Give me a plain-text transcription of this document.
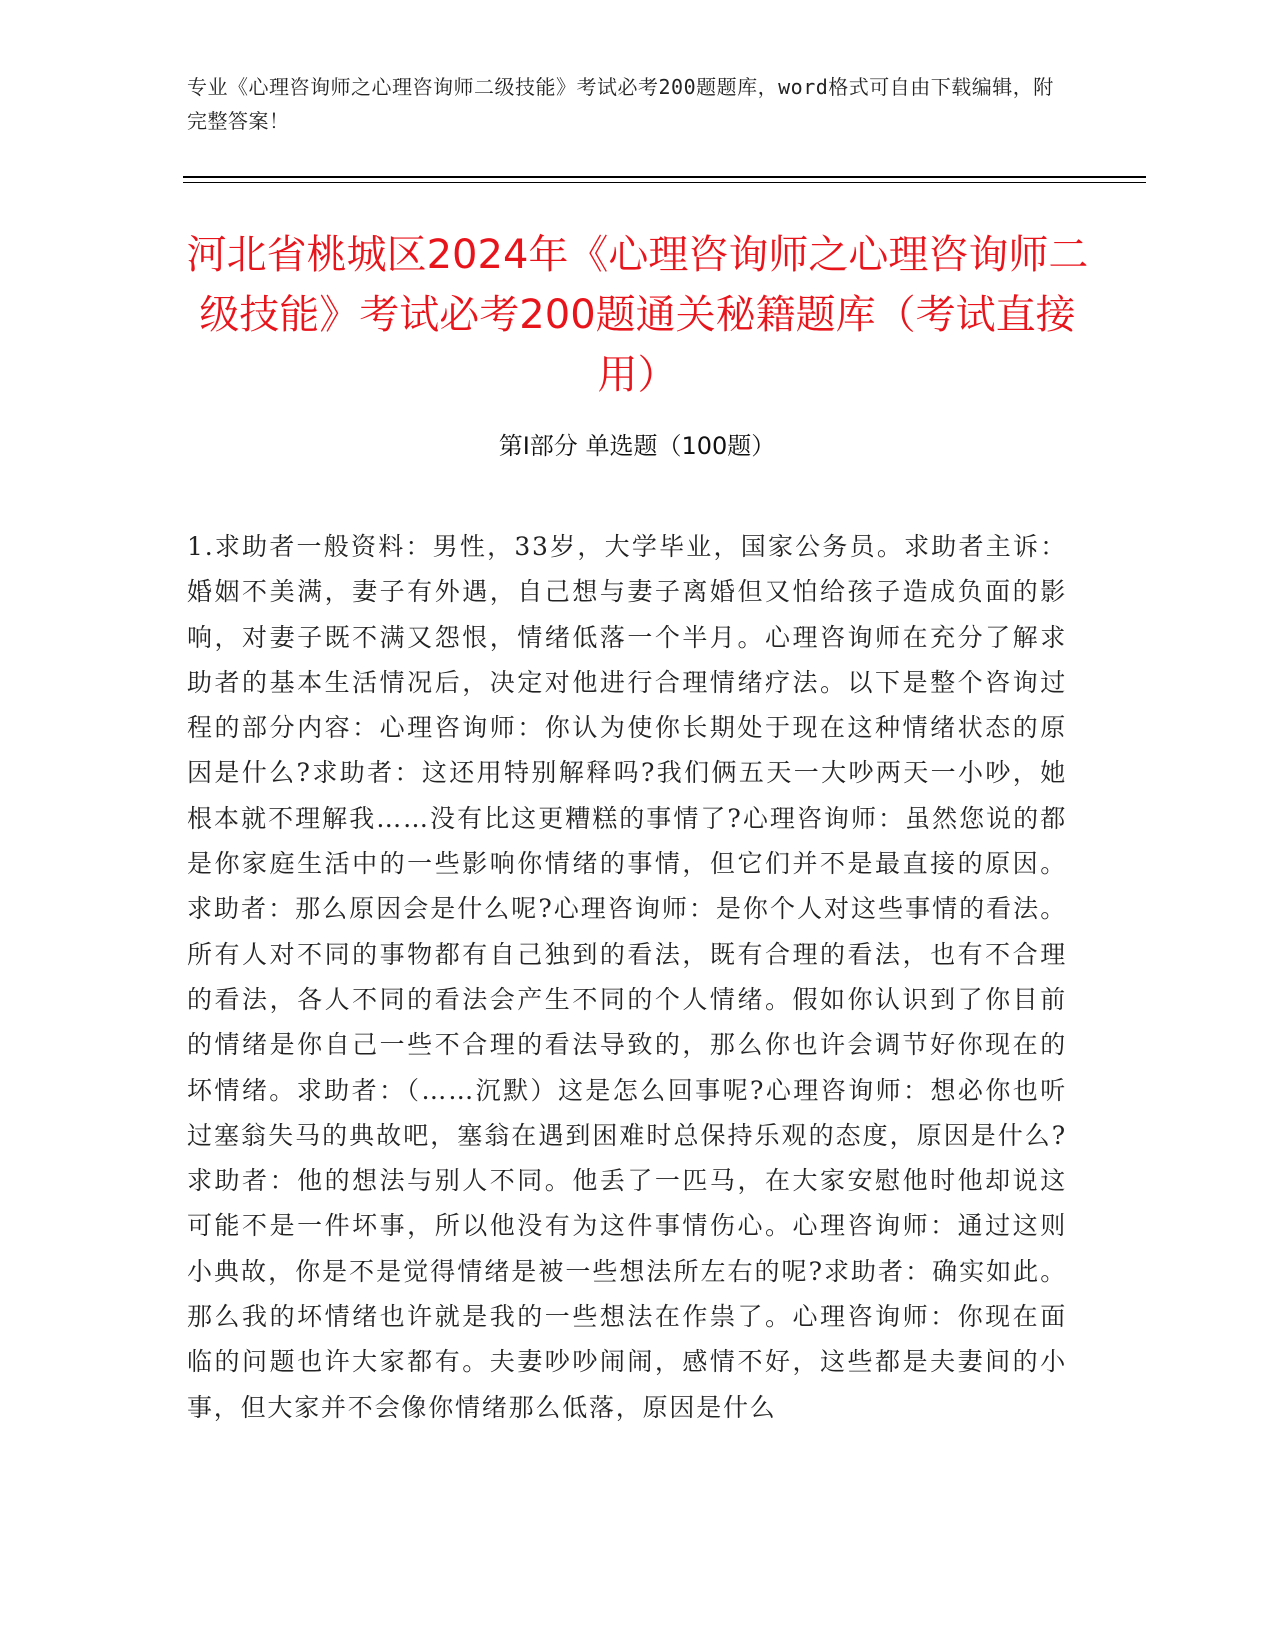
专业《心理咨询师之心理咨询师二级技能》考试必考200题题库，word格式可自由下载编辑，附完整答案！
河北省桃城区2024年《心理咨询师之心理咨询师二级技能》考试必考200题通关秘籍题库（考试直接用）
第I部分 单选题（100题）

1.求助者一般资料：男性，33岁，大学毕业，国家公务员。求助者主诉：婚姻不美满，妻子有外遇，自己想与妻子离婚但又怕给孩子造成负面的影响，对妻子既不满又怨恨，情绪低落一个半月。心理咨询师在充分了解求助者的基本生活情况后，决定对他进行合理情绪疗法。以下是整个咨询过程的部分内容：心理咨询师：你认为使你长期处于现在这种情绪状态的原因是什么?求助者：这还用特别解释吗?我们俩五天一大吵两天一小吵，她根本就不理解我……没有比这更糟糕的事情了?心理咨询师：虽然您说的都是你家庭生活中的一些影响你情绪的事情，但它们并不是最直接的原因。求助者：那么原因会是什么呢?心理咨询师：是你个人对这些事情的看法。所有人对不同的事物都有自己独到的看法，既有合理的看法，也有不合理的看法，各人不同的看法会产生不同的个人情绪。假如你认识到了你目前的情绪是你自己一些不合理的看法导致的，那么你也许会调节好你现在的坏情绪。求助者：（……沉默）这是怎么回事呢?心理咨询师：想必你也听过塞翁失马的典故吧，塞翁在遇到困难时总保持乐观的态度，原因是什么?求助者：他的想法与别人不同。他丢了一匹马，在大家安慰他时他却说这可能不是一件坏事，所以他没有为这件事情伤心。心理咨询师：通过这则小典故，你是不是觉得情绪是被一些想法所左右的呢?求助者：确实如此。那么我的坏情绪也许就是我的一些想法在作祟了。心理咨询师：你现在面临的问题也许大家都有。夫妻吵吵闹闹，感情不好，这些都是夫妻间的小事，但大家并不会像你情绪那么低落，原因是什么
